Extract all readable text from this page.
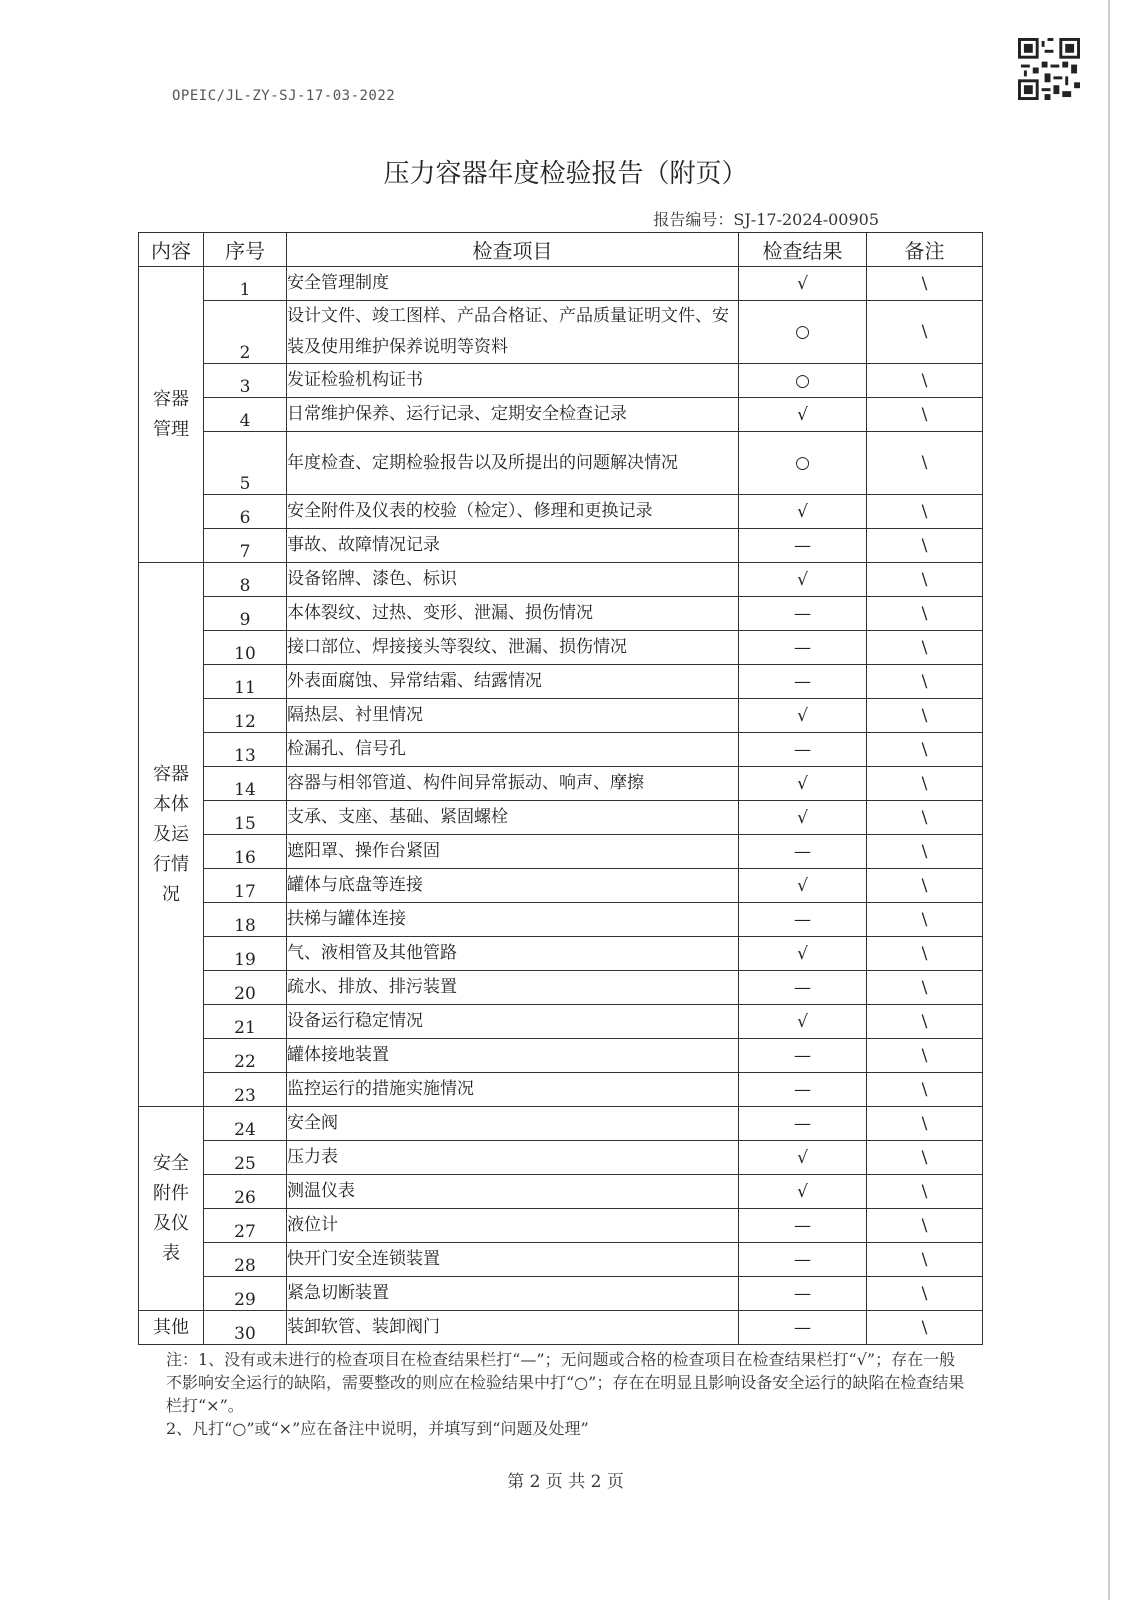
OPEIC/JL-ZY-SJ-17-03-2022
压力容器年度检验报告（附页）
报告编号：SJ-17-2024-00905
内容	序号	检查项目	检查结果	备注
容器管理	1	安全管理制度	√	\
	2	设计文件、竣工图样、产品合格证、产品质量证明文件、安装及使用维护保养说明等资料	○	\
	3	发证检验机构证书	○	\
	4	日常维护保养、运行记录、定期安全检查记录	√	\
	5	年度检查、定期检验报告以及所提出的问题解决情况	○	\
	6	安全附件及仪表的校验（检定）、修理和更换记录	√	\
	7	事故、故障情况记录	—	\
容器本体及运行情况	8	设备铭牌、漆色、标识	√	\
	9	本体裂纹、过热、变形、泄漏、损伤情况	—	\
	10	接口部位、焊接接头等裂纹、泄漏、损伤情况	—	\
	11	外表面腐蚀、异常结霜、结露情况	—	\
	12	隔热层、衬里情况	√	\
	13	检漏孔、信号孔	—	\
	14	容器与相邻管道、构件间异常振动、响声、摩擦	√	\
	15	支承、支座、基础、紧固螺栓	√	\
	16	遮阳罩、操作台紧固	—	\
	17	罐体与底盘等连接	√	\
	18	扶梯与罐体连接	—	\
	19	气、液相管及其他管路	√	\
	20	疏水、排放、排污装置	—	\
	21	设备运行稳定情况	√	\
	22	罐体接地装置	—	\
	23	监控运行的措施实施情况	—	\
安全附件及仪表	24	安全阀	—	\
	25	压力表	√	\
	26	测温仪表	√	\
	27	液位计	—	\
	28	快开门安全连锁装置	—	\
	29	紧急切断装置	—	\
其他	30	装卸软管、装卸阀门	—	\

注：1、没有或未进行的检查项目在检查结果栏打“—”；无问题或合格的检查项目在检查结果栏打“√”；存在一般不影响安全运行的缺陷，需要整改的则应在检验结果中打“○”；存在在明显且影响设备安全运行的缺陷在检查结果栏打“×”。

2、凡打“○”或“×”应在备注中说明，并填写到“问题及处理”

第 2 页 共 2 页
